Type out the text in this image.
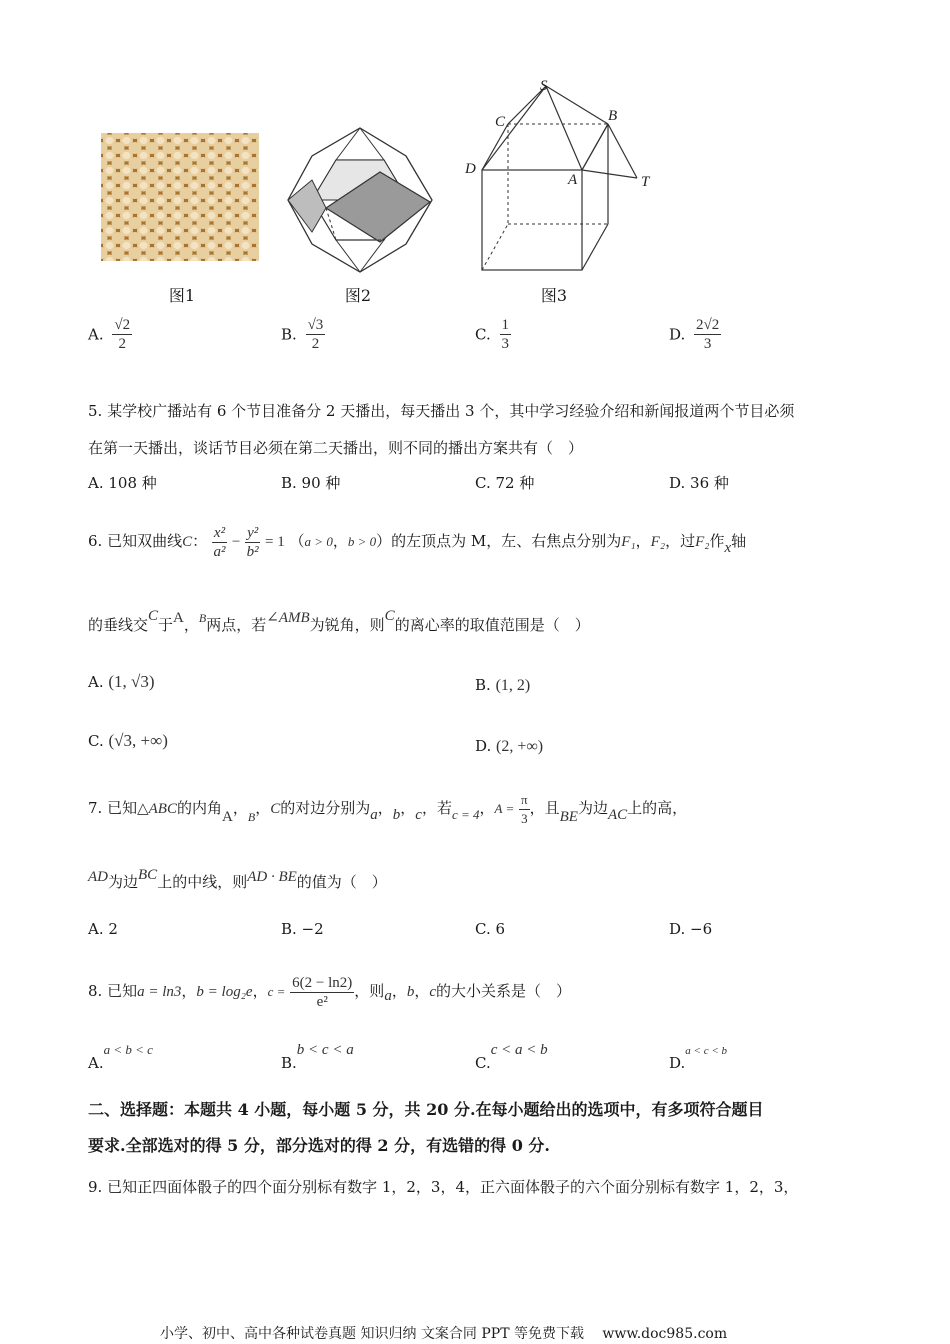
图1	图2
S
B
C
D
A	T
图3
A. $\frac{√2}{2}$	B. $\frac{√3}{2}$	C. $\frac{1}{3}$	D. $\frac{2√2}{3}$
5. 某学校广播站有 6 个节目准备分 2 天播出，每天播出 3 个，其中学习经验介绍和新闻报道两个节目必须
在第一天播出，谈话节目必须在第二天播出，则不同的播出方案共有（　）
A. 108 种	B. 90 种	C. 72 种	D. 36 种
6. 已知双曲线C： $\frac{\text{x²}}{\text{a²}} - \frac{\text{y²}}{\text{b²}} = 1$ （a > 0，b > 0）的左顶点为 M，左、右焦点分别为F₁，F₂，过F₂作x轴
的垂线交C于A，$^B$两点，若∠AMB为锐角，则C的离心率的取值范围是（　）
A. (1, √3)	B. (1, 2)
C. (√3, +∞)	D. (2, +∞)
7. 已知△ABC的内角A，$_B$，C的对边分别为a，b，c，若c = 4，$A = \frac{\pi}{3}$ ，且BE为边AC上的高，
AD为边BC上的中线，则AD · BE的值为（　）
A. 2	B. −2	C. 6	D. −6
8. 已知a = ln3，b = log₂e，$c = \frac{6(2 - \ln 2)}{\text{e²}}$ ，则a，b，c的大小关系是（　）
A.a < b < c
B.b < c < a
C.c < a < b
D.a < c < b
二、选择题：本题共 4 小题，每小题 5 分，共 20 分.在每小题给出的选项中，有多项符合题目
要求.全部选对的得 5 分，部分选对的得 2 分，有选错的得 0 分.
9. 已知正四面体骰子的四个面分别标有数字 1，2，3，4，正六面体骰子的六个面分别标有数字 1，2，3，
小学、初中、高中各种试卷真题 知识归纳 文案合同 PPT 等免费下载　 www.doc985.com
